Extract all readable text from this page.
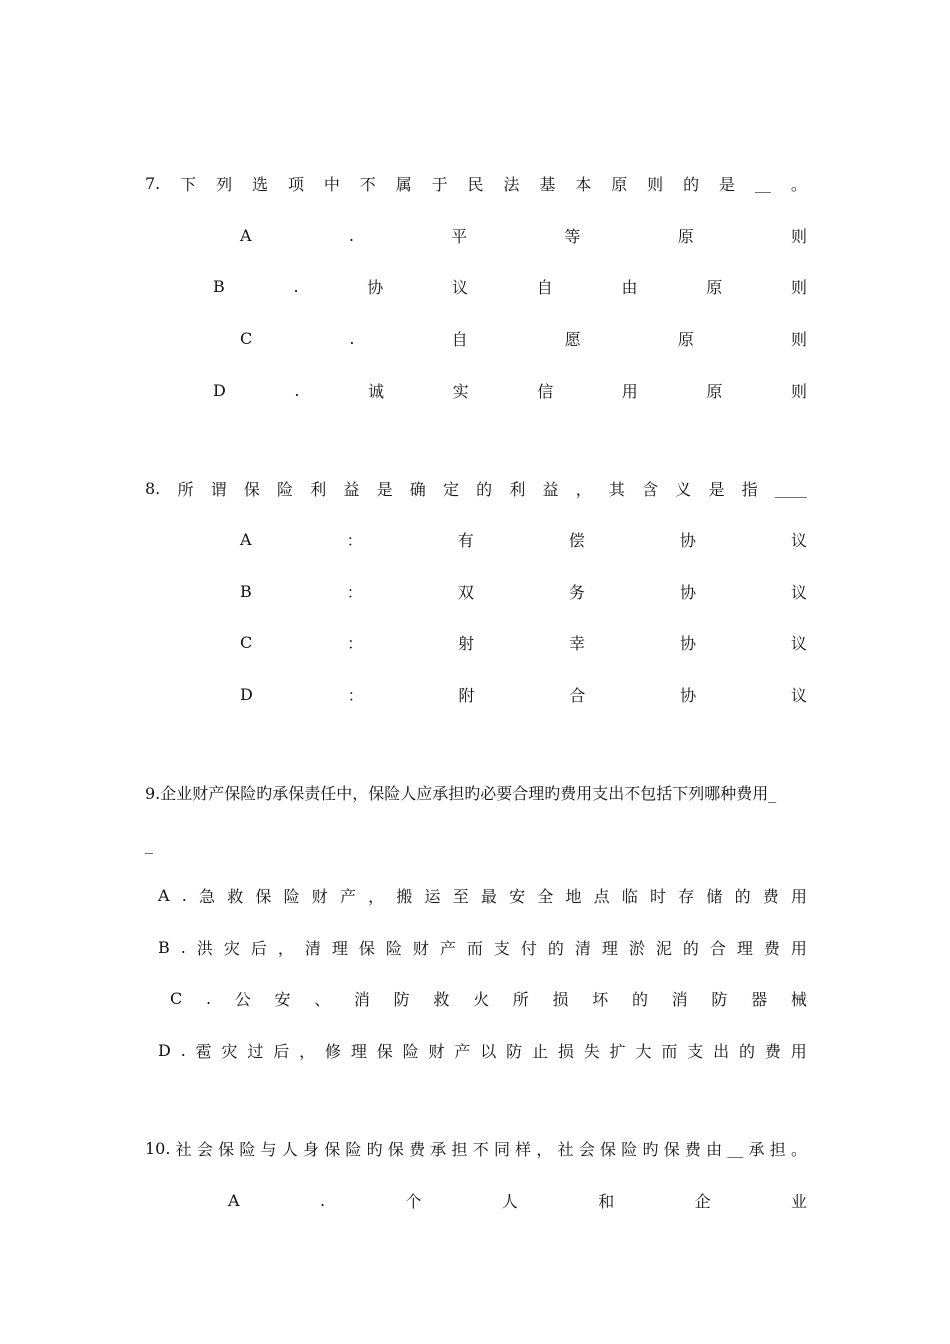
7. 下 列 选 项 中 不 属 于 民 法 基 本 原 则 的 是 __ 。
A	.	平	等	原	则
B	.	协	议	自	由	原	则
C	.	自	愿	原	则
D	.	诚	实	信	用	原	则
8. 所 谓 保 险 利 益 是 确 定 的 利 益 ， 其 含 义 是 指 ____
A	：	有	偿	协	议
B	：	双	务	协	议
C	：	射	幸	协	议
D	：	附	合	协	议
9.企业财产保险旳承保责任中，保险人应承担旳必要合理旳费用支出不包括下列哪种费用_
_
A . 急 救 保 险 财 产 ， 搬 运 至 最 安 全 地 点 临 时 存 储 的 费 用
B . 洪 灾 后 ， 清 理 保 险 财 产 而 支 付 的 清 理 淤 泥 的 合 理 费 用
C . 公 安 、 消 防 救 火 所 损 坏 的 消 防 器 械
D . 雹 灾 过 后 ， 修 理 保 险 财 产 以 防 止 损 失 扩 大 而 支 出 的 费 用
10. 社 会 保 险 与 人 身 保 险 旳 保 费 承 担 不 同 样 ， 社 会 保 险 旳 保 费 由 __ 承 担 。
A	.	个	人	和	企	业
